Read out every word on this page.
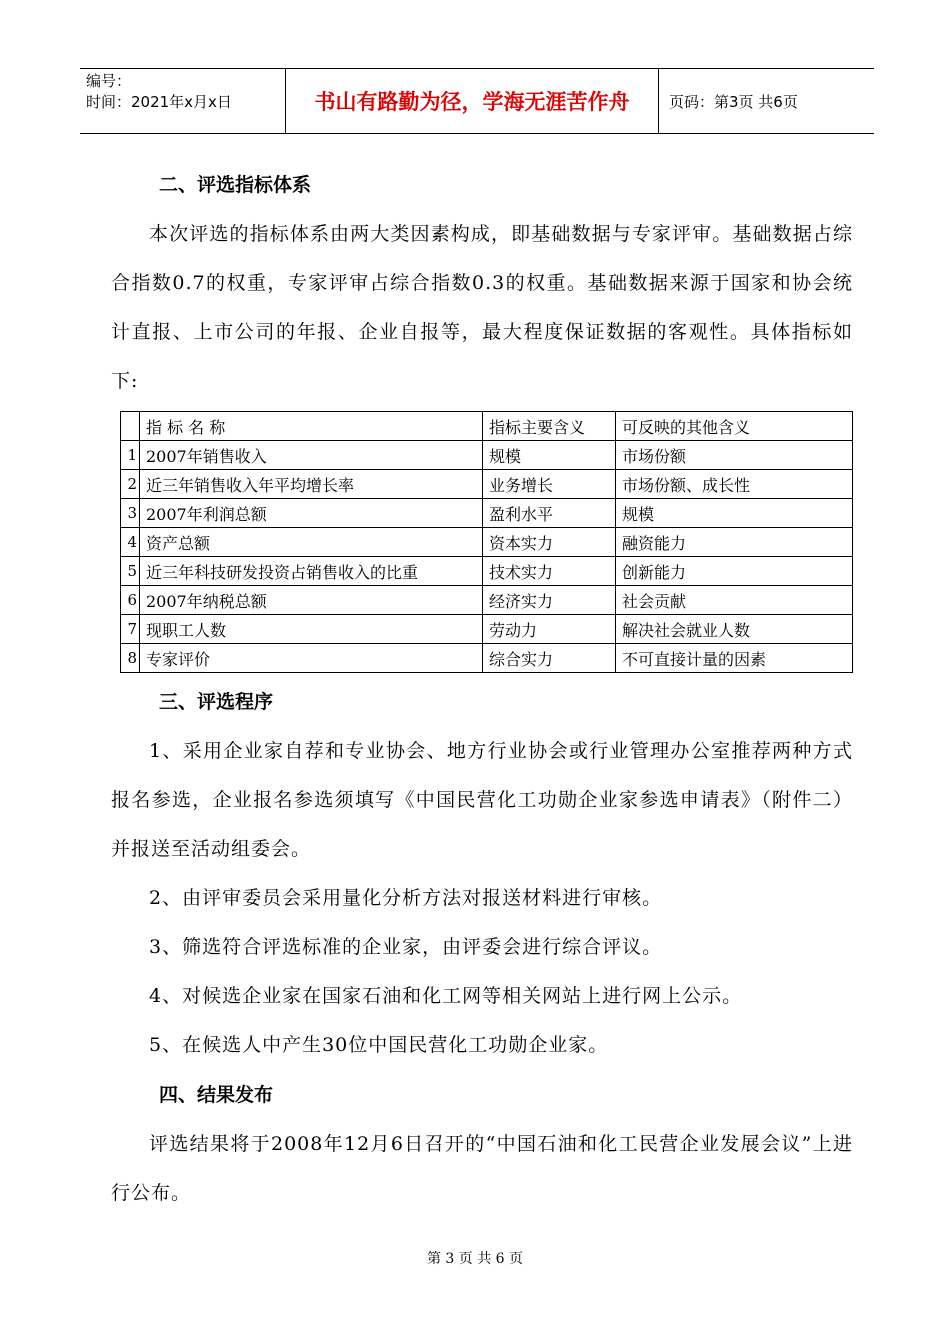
编号：
时间：2021年x月x日	书山有路勤为径，学海无涯苦作舟	页码：第3页 共6页
二、评选指标体系

本次评选的指标体系由两大类因素构成，即基础数据与专家评审。基础数据占综合指数0.7的权重，专家评审占综合指数0.3的权重。基础数据来源于国家和协会统计直报、上市公司的年报、企业自报等，最大程度保证数据的客观性。具体指标如下:

	指 标 名 称	指标主要含义	可反映的其他含义
1	2007年销售收入	规模	市场份额
2	近三年销售收入年平均增长率	业务增长	市场份额、成长性
3	2007年利润总额	盈利水平	规模
4	资产总额	资本实力	融资能力
5	近三年科技研发投资占销售收入的比重	技术实力	创新能力
6	2007年纳税总额	经济实力	社会贡献
7	现职工人数	劳动力	解决社会就业人数
8	专家评价	综合实力	不可直接计量的因素
三、评选程序

1、采用企业家自荐和专业协会、地方行业协会或行业管理办公室推荐两种方式报名参选，企业报名参选须填写《中国民营化工功勋企业家参选申请表》（附件二）并报送至活动组委会。

2、由评审委员会采用量化分析方法对报送材料进行审核。

3、筛选符合评选标准的企业家，由评委会进行综合评议。

4、对候选企业家在国家石油和化工网等相关网站上进行网上公示。

5、在候选人中产生30位中国民营化工功勋企业家。

四、结果发布

评选结果将于2008年12月6日召开的“中国石油和化工民营企业发展会议”上进行公布。

第 3 页 共 6 页
